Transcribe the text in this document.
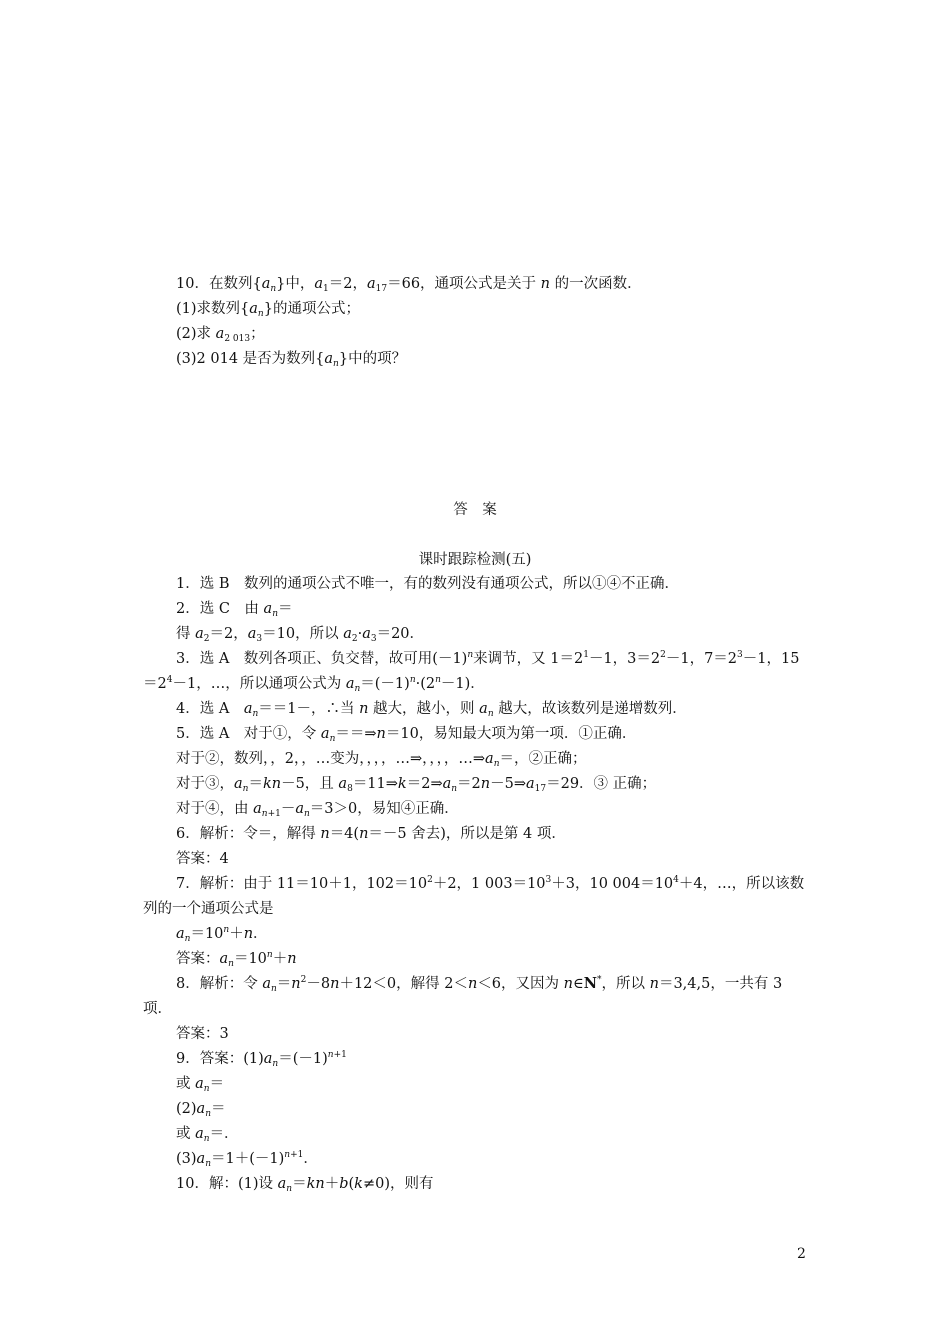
10．在数列$\{a_n\}$中，$a_1=2$，$a_{17}=66$，通项公式是关于 n 的一次函数．
(1)求数列$\{a_n\}$的通项公式；
(2)求 $a_{2 013}$；
(3)2 014 是否为数列$\{a_n\}$中的项？
答　案
课时跟踪检测(五)
1．选 B　数列的通项公式不唯一，有的数列没有通项公式，所以①④不正确．
2．选 C　由 $a_n=$
得 $a_2=2$，$a_3=10$，所以 $a_2\cdot a_3=20$．
3．选 A　数列各项正、负交替，故可用$(-1)^n$来调节，又 $1=2^1-1$，$3=2^2-1$，$7=2^3-1$，15
$=2^4-1$，…，所以通项公式为 $a_n=(-1)^n\cdot(2^n-1)$．
4．选 A　$a_n==1-$，∴当 n 越大，越小，则 $a_n$ 越大，故该数列是递增数列．
5．选 A　对于①，令 $a_n==\Rightarrow n=10$，易知最大项为第一项．①正确．
对于②，数列，，2，，…变为，，，，…⇒，，，，$\dots\Rightarrow a_n=$，②正确；
对于③，$a_n=kn-5$，且 $a_8=11\Rightarrow k=2\Rightarrow a_n=2n-5\Rightarrow a_{17}=29$．③ 正确；
对于④，由 $a_{n+1}-a_n=3>0$，易知④正确．
6．解析：令＝，解得 n＝4(n＝－5 舍去)，所以是第 4 项．
答案：4
7．解析：由于 11＝10＋1，$102=10^2+2$，1 $003=10^3+3$，10 $004=10^4+4$，…，所以该数
列的一个通项公式是
$a_n=10^n+n$．
答案：$a_n=10^n+n$
8．解析：令 $a_n=n^2-8n+12<0$，解得 2＜n＜6，又因为 n∈N*，所以 n＝3,4,5，一共有 3
项．
答案：3
9．答案：$(1)a_n=(-1)^{n+1}$
或 $a_n=$
$(2)a_n=$
或 $a_n=$．
$(3)a_n=1+(-1)^{n+1}$．
10．解：(1)设 $a_n=kn+b(k\ne 0)$，则有
2
